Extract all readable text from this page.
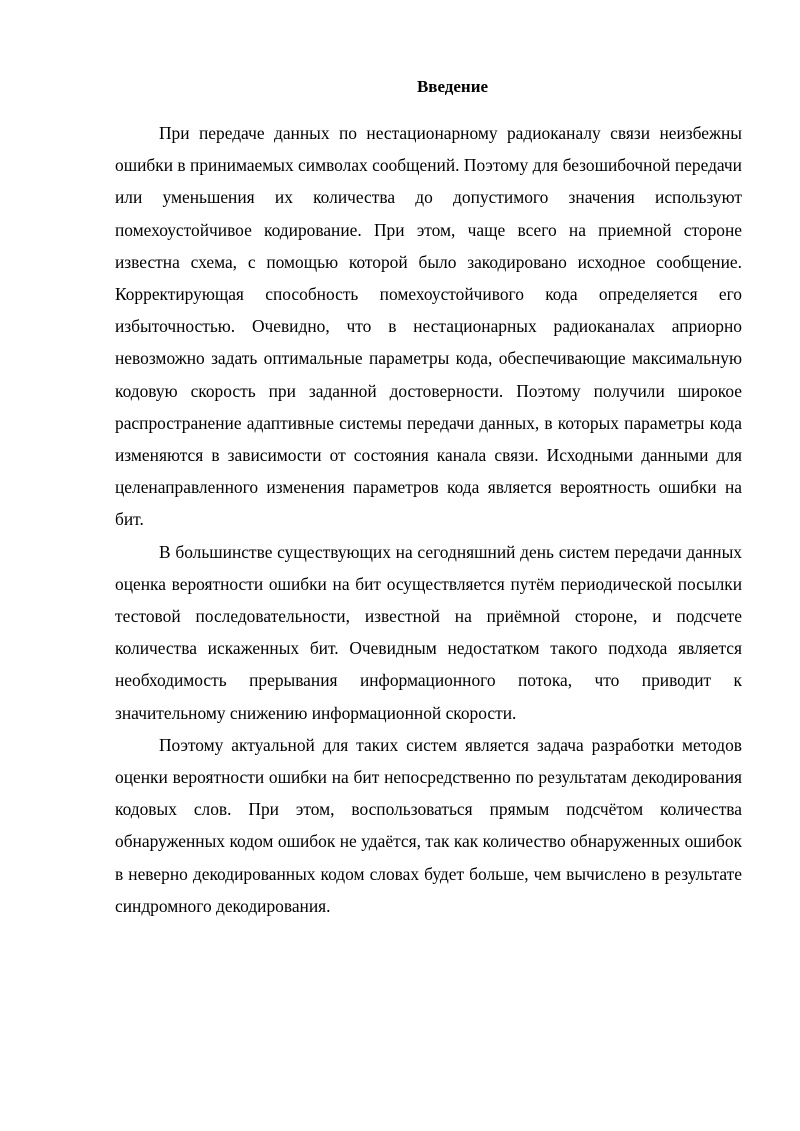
Введение

При передаче данных по нестационарному радиоканалу связи неизбежны ошибки в принимаемых символах сообщений. Поэтому для безошибочной передачи или уменьшения их количества до допустимого значения используют помехоустойчивое кодирование. При этом, чаще всего на приемной стороне известна схема, с помощью которой было закодировано исходное сообщение. Корректирующая способность помехоустойчивого кода определяется его избыточностью. Очевидно, что в нестационарных радиоканалах априорно невозможно задать оптимальные параметры кода, обеспечивающие максимальную кодовую скорость при заданной достоверности. Поэтому получили широкое распространение адаптивные системы передачи данных, в которых параметры кода изменяются в зависимости от состояния канала связи. Исходными данными для целенаправленного изменения параметров кода является вероятность ошибки на бит.

В большинстве существующих на сегодняшний день систем передачи данных оценка вероятности ошибки на бит осуществляется путём периодической посылки тестовой последовательности, известной на приёмной стороне, и подсчете количества искаженных бит. Очевидным недостатком такого подхода является необходимость прерывания информационного потока, что приводит к значительному снижению информационной скорости.

Поэтому актуальной для таких систем является задача разработки методов оценки вероятности ошибки на бит непосредственно по результатам декодирования кодовых слов. При этом, воспользоваться прямым подсчётом количества обнаруженных кодом ошибок не удаётся, так как количество обнаруженных ошибок в неверно декодированных кодом словах будет больше, чем вычислено в результате синдромного декодирования.
